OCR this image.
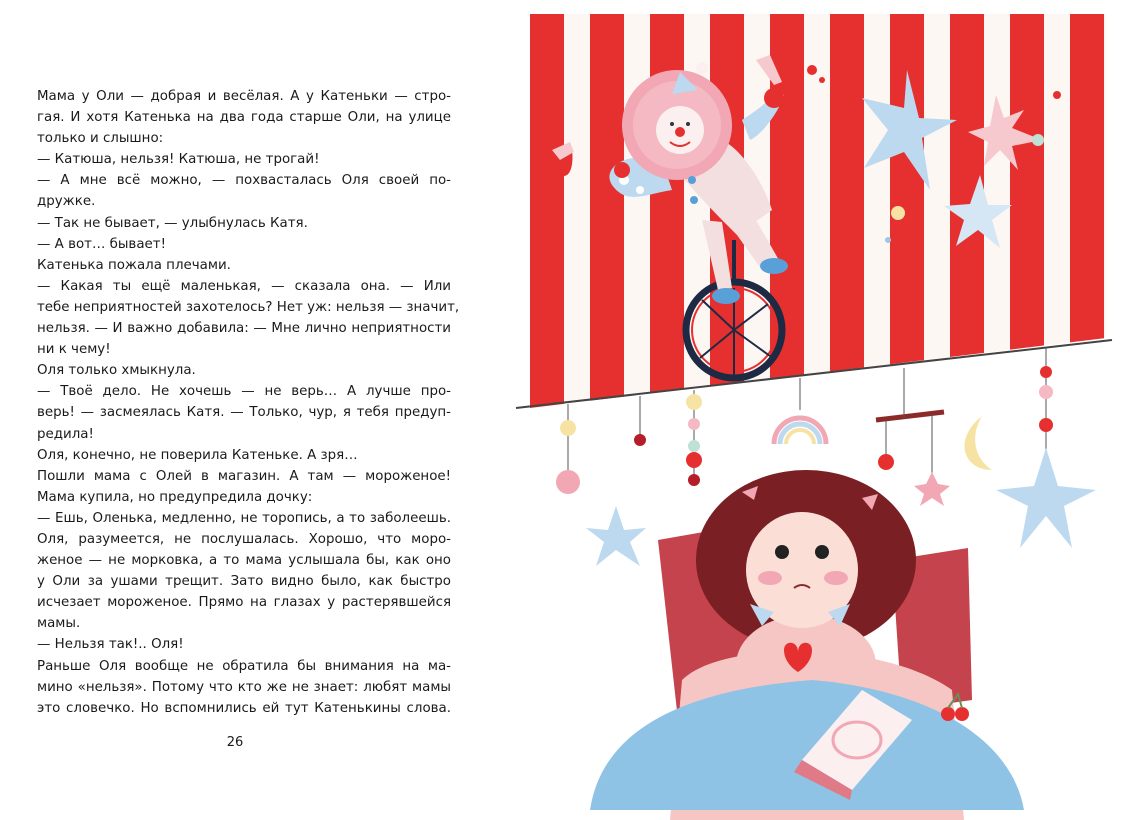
Мама у Оли — добрая и весёлая. А у Катеньки — стро-
гая. И хотя Катенька на два года старше Оли, на улице
только и слышно:
— Катюша, нельзя! Катюша, не трогай!
— А мне всё можно, — похвасталась Оля своей по-
дружке.
— Так не бывает, — улыбнулась Катя.
— А вот… бывает!
Катенька пожала плечами.
— Какая ты ещё маленькая, — сказала она. — Или
тебе неприятностей захотелось? Нет уж: нельзя — значит,
нельзя. — И важно добавила: — Мне лично неприятности
ни к чему!
Оля только хмыкнула.
— Твоё дело. Не хочешь — не верь… А лучше про-
верь! — засмеялась Катя. — Только, чур, я тебя предуп-
редила!
Оля, конечно, не поверила Катеньке. А зря…
Пошли мама с Олей в магазин. А там — мороженое!
Мама купила, но предупредила дочку:
— Ешь, Оленька, медленно, не торопись, а то заболеешь.
Оля, разумеется, не послушалась. Хорошо, что моро-
женое — не морковка, а то мама услышала бы, как оно
у Оли за ушами трещит. Зато видно было, как быстро
исчезает мороженое. Прямо на глазах у растерявшейся
мамы.
— Нельзя так!.. Оля!
Раньше Оля вообще не обратила бы внимания на ма-
мино «нельзя». Потому что кто же не знает: любят мамы
это словечко. Но вспомнились ей тут Катенькины слова.
26
